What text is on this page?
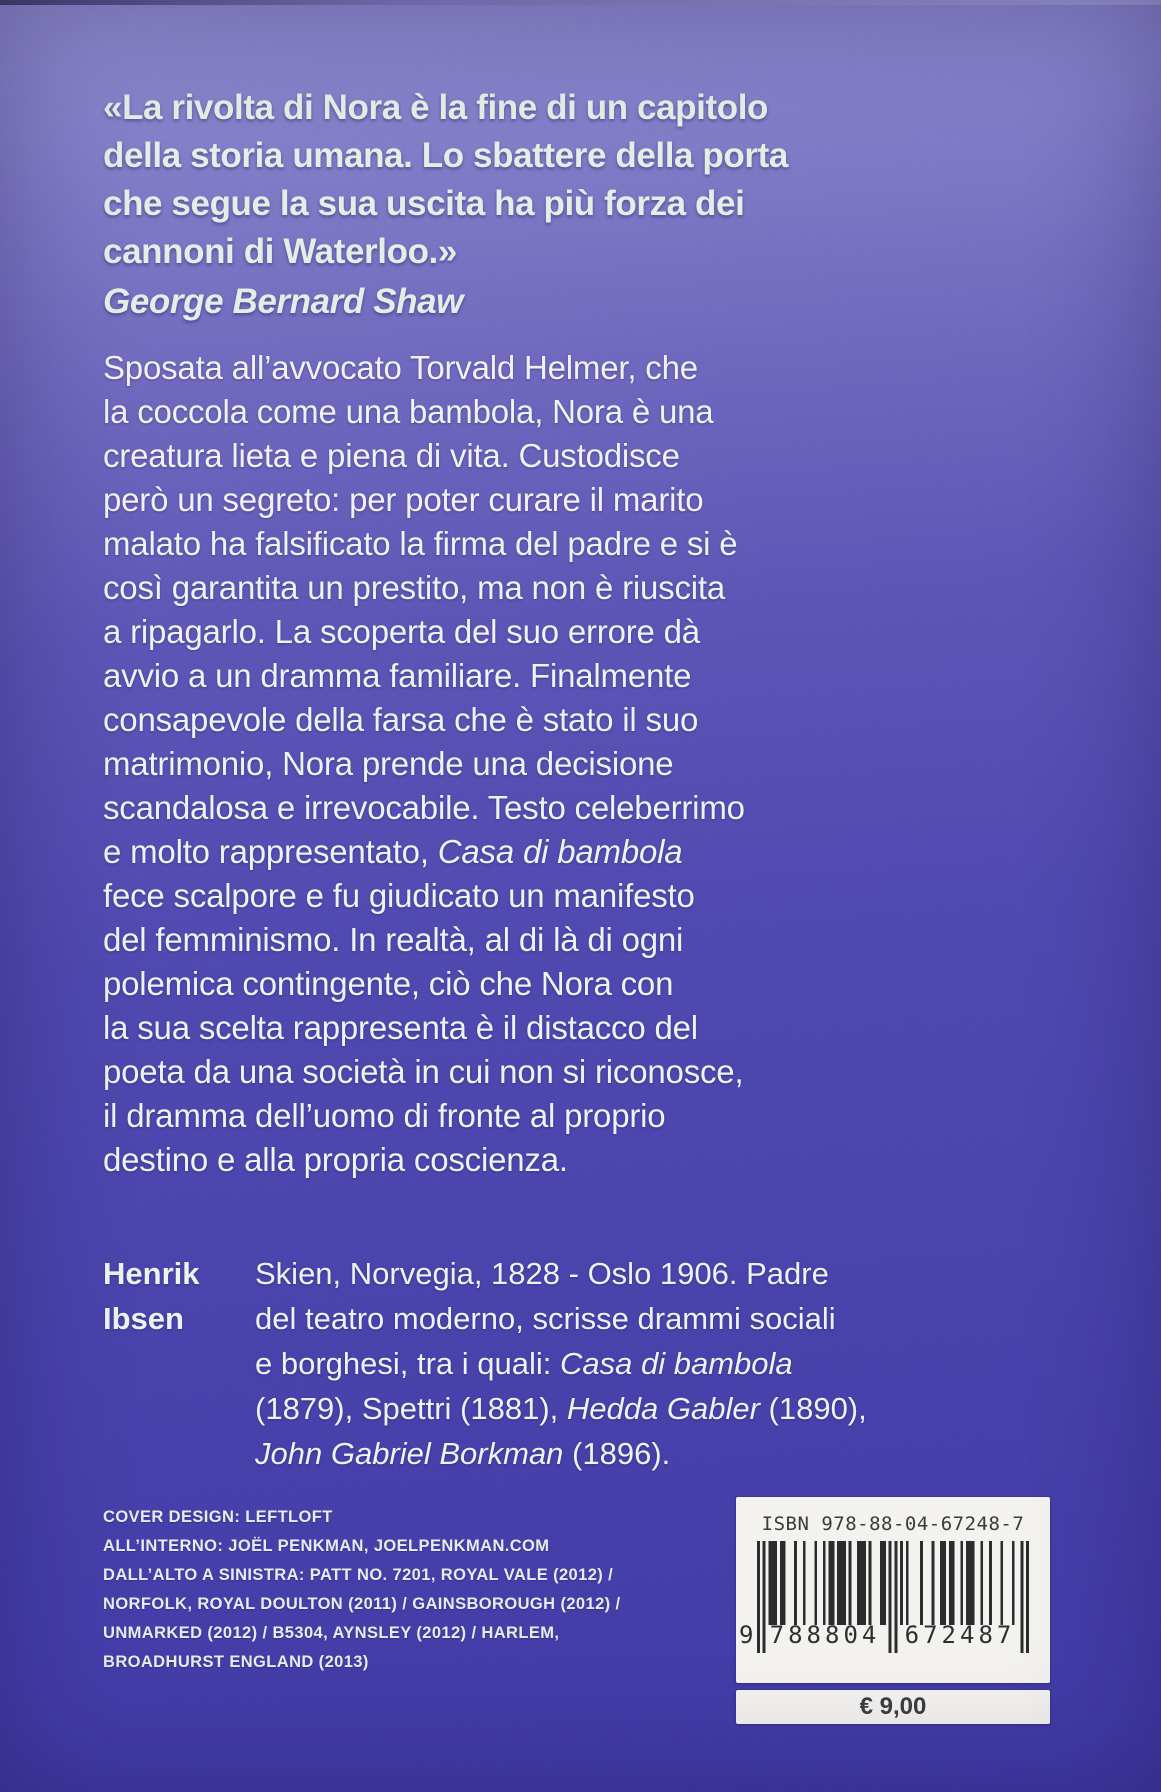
«La rivolta di Nora è la fine di un capitolo
della storia umana. Lo sbattere della porta
che segue la sua uscita ha più forza dei
cannoni di Waterloo.»
George Bernard Shaw
Sposata all’avvocato Torvald Helmer, che
la coccola come una bambola, Nora è una
creatura lieta e piena di vita. Custodisce
però un segreto: per poter curare il marito
malato ha falsificato la firma del padre e si è
così garantita un prestito, ma non è riuscita
a ripagarlo. La scoperta del suo errore dà
avvio a un dramma familiare. Finalmente
consapevole della farsa che è stato il suo
matrimonio, Nora prende una decisione
scandalosa e irrevocabile. Testo celeberrimo
e molto rappresentato, Casa di bambola
fece scalpore e fu giudicato un manifesto
del femminismo. In realtà, al di là di ogni
polemica contingente, ciò che Nora con
la sua scelta rappresenta è il distacco del
poeta da una società in cui non si riconosce,
il dramma dell’uomo di fronte al proprio
destino e alla propria coscienza.
Henrik
Ibsen
Skien, Norvegia, 1828 - Oslo 1906. Padre
del teatro moderno, scrisse drammi sociali
e borghesi, tra i quali: Casa di bambola
(1879), Spettri (1881), Hedda Gabler (1890),
John Gabriel Borkman (1896).
COVER DESIGN: LEFTLOFT
ALL’INTERNO: JOËL PENKMAN, JOELPENKMAN.COM
DALL’ALTO A SINISTRA: PATT NO. 7201, ROYAL VALE (2012) /
NORFOLK, ROYAL DOULTON (2011) / GAINSBOROUGH (2012) /
UNMARKED (2012) / B5304, AYNSLEY (2012) / HARLEM,
BROADHURST ENGLAND (2013)
ISBN 978-88-04-67248-7
9 788804 672487
€ 9,00
